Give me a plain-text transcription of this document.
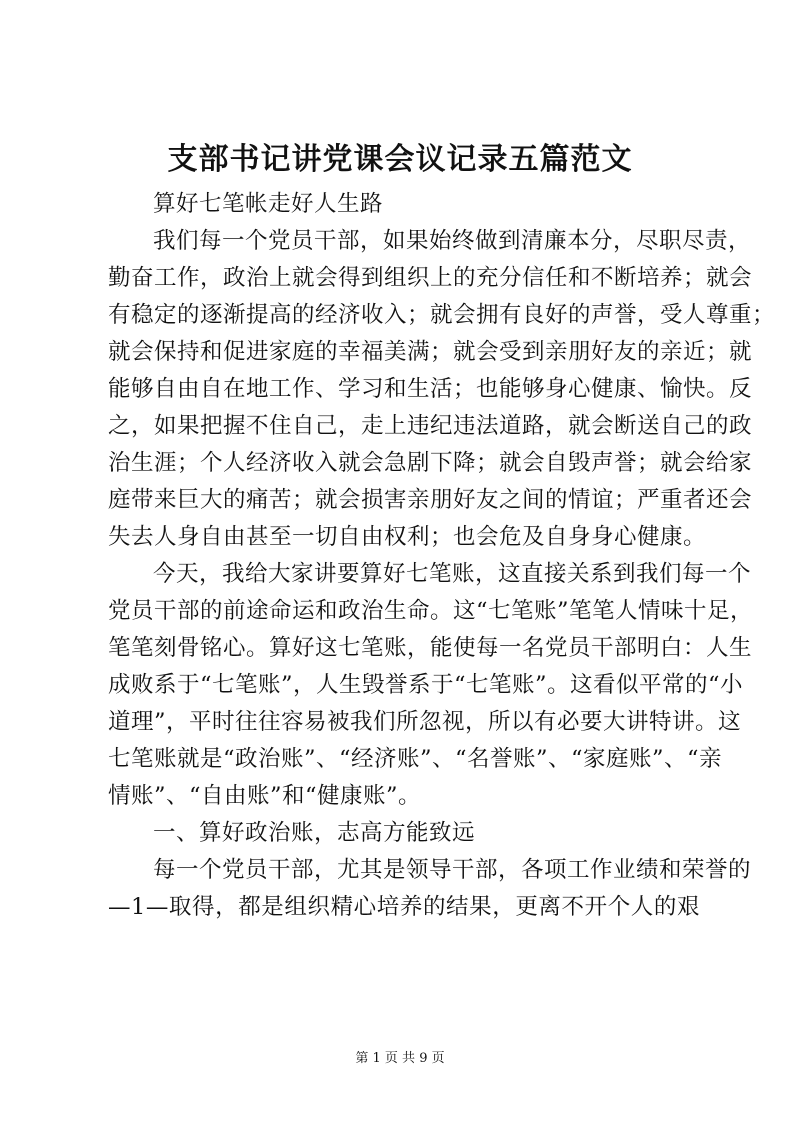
支部书记讲党课会议记录五篇范文
算好七笔帐走好人生路
我们每一个党员干部，如果始终做到清廉本分，尽职尽责，
勤奋工作，政治上就会得到组织上的充分信任和不断培养；就会
有稳定的逐渐提高的经济收入；就会拥有良好的声誉，受人尊重；
就会保持和促进家庭的幸福美满；就会受到亲朋好友的亲近；就
能够自由自在地工作、学习和生活；也能够身心健康、愉快。反
之，如果把握不住自己，走上违纪违法道路，就会断送自己的政
治生涯；个人经济收入就会急剧下降；就会自毁声誉；就会给家
庭带来巨大的痛苦；就会损害亲朋好友之间的情谊；严重者还会
失去人身自由甚至一切自由权利；也会危及自身身心健康。
今天，我给大家讲要算好七笔账，这直接关系到我们每一个
党员干部的前途命运和政治生命。这“七笔账”笔笔人情味十足，
笔笔刻骨铭心。算好这七笔账，能使每一名党员干部明白：人生
成败系于“七笔账”，人生毁誉系于“七笔账”。这看似平常的“小
道理”，平时往往容易被我们所忽视，所以有必要大讲特讲。这
七笔账就是“政治账”、“经济账”、“名誉账”、“家庭账”、“亲
情账”、“自由账”和“健康账”。
一、算好政治账，志高方能致远
每一个党员干部，尤其是领导干部，各项工作业绩和荣誉的
—1—取得，都是组织精心培养的结果，更离不开个人的艰
第 1 页 共 9 页
